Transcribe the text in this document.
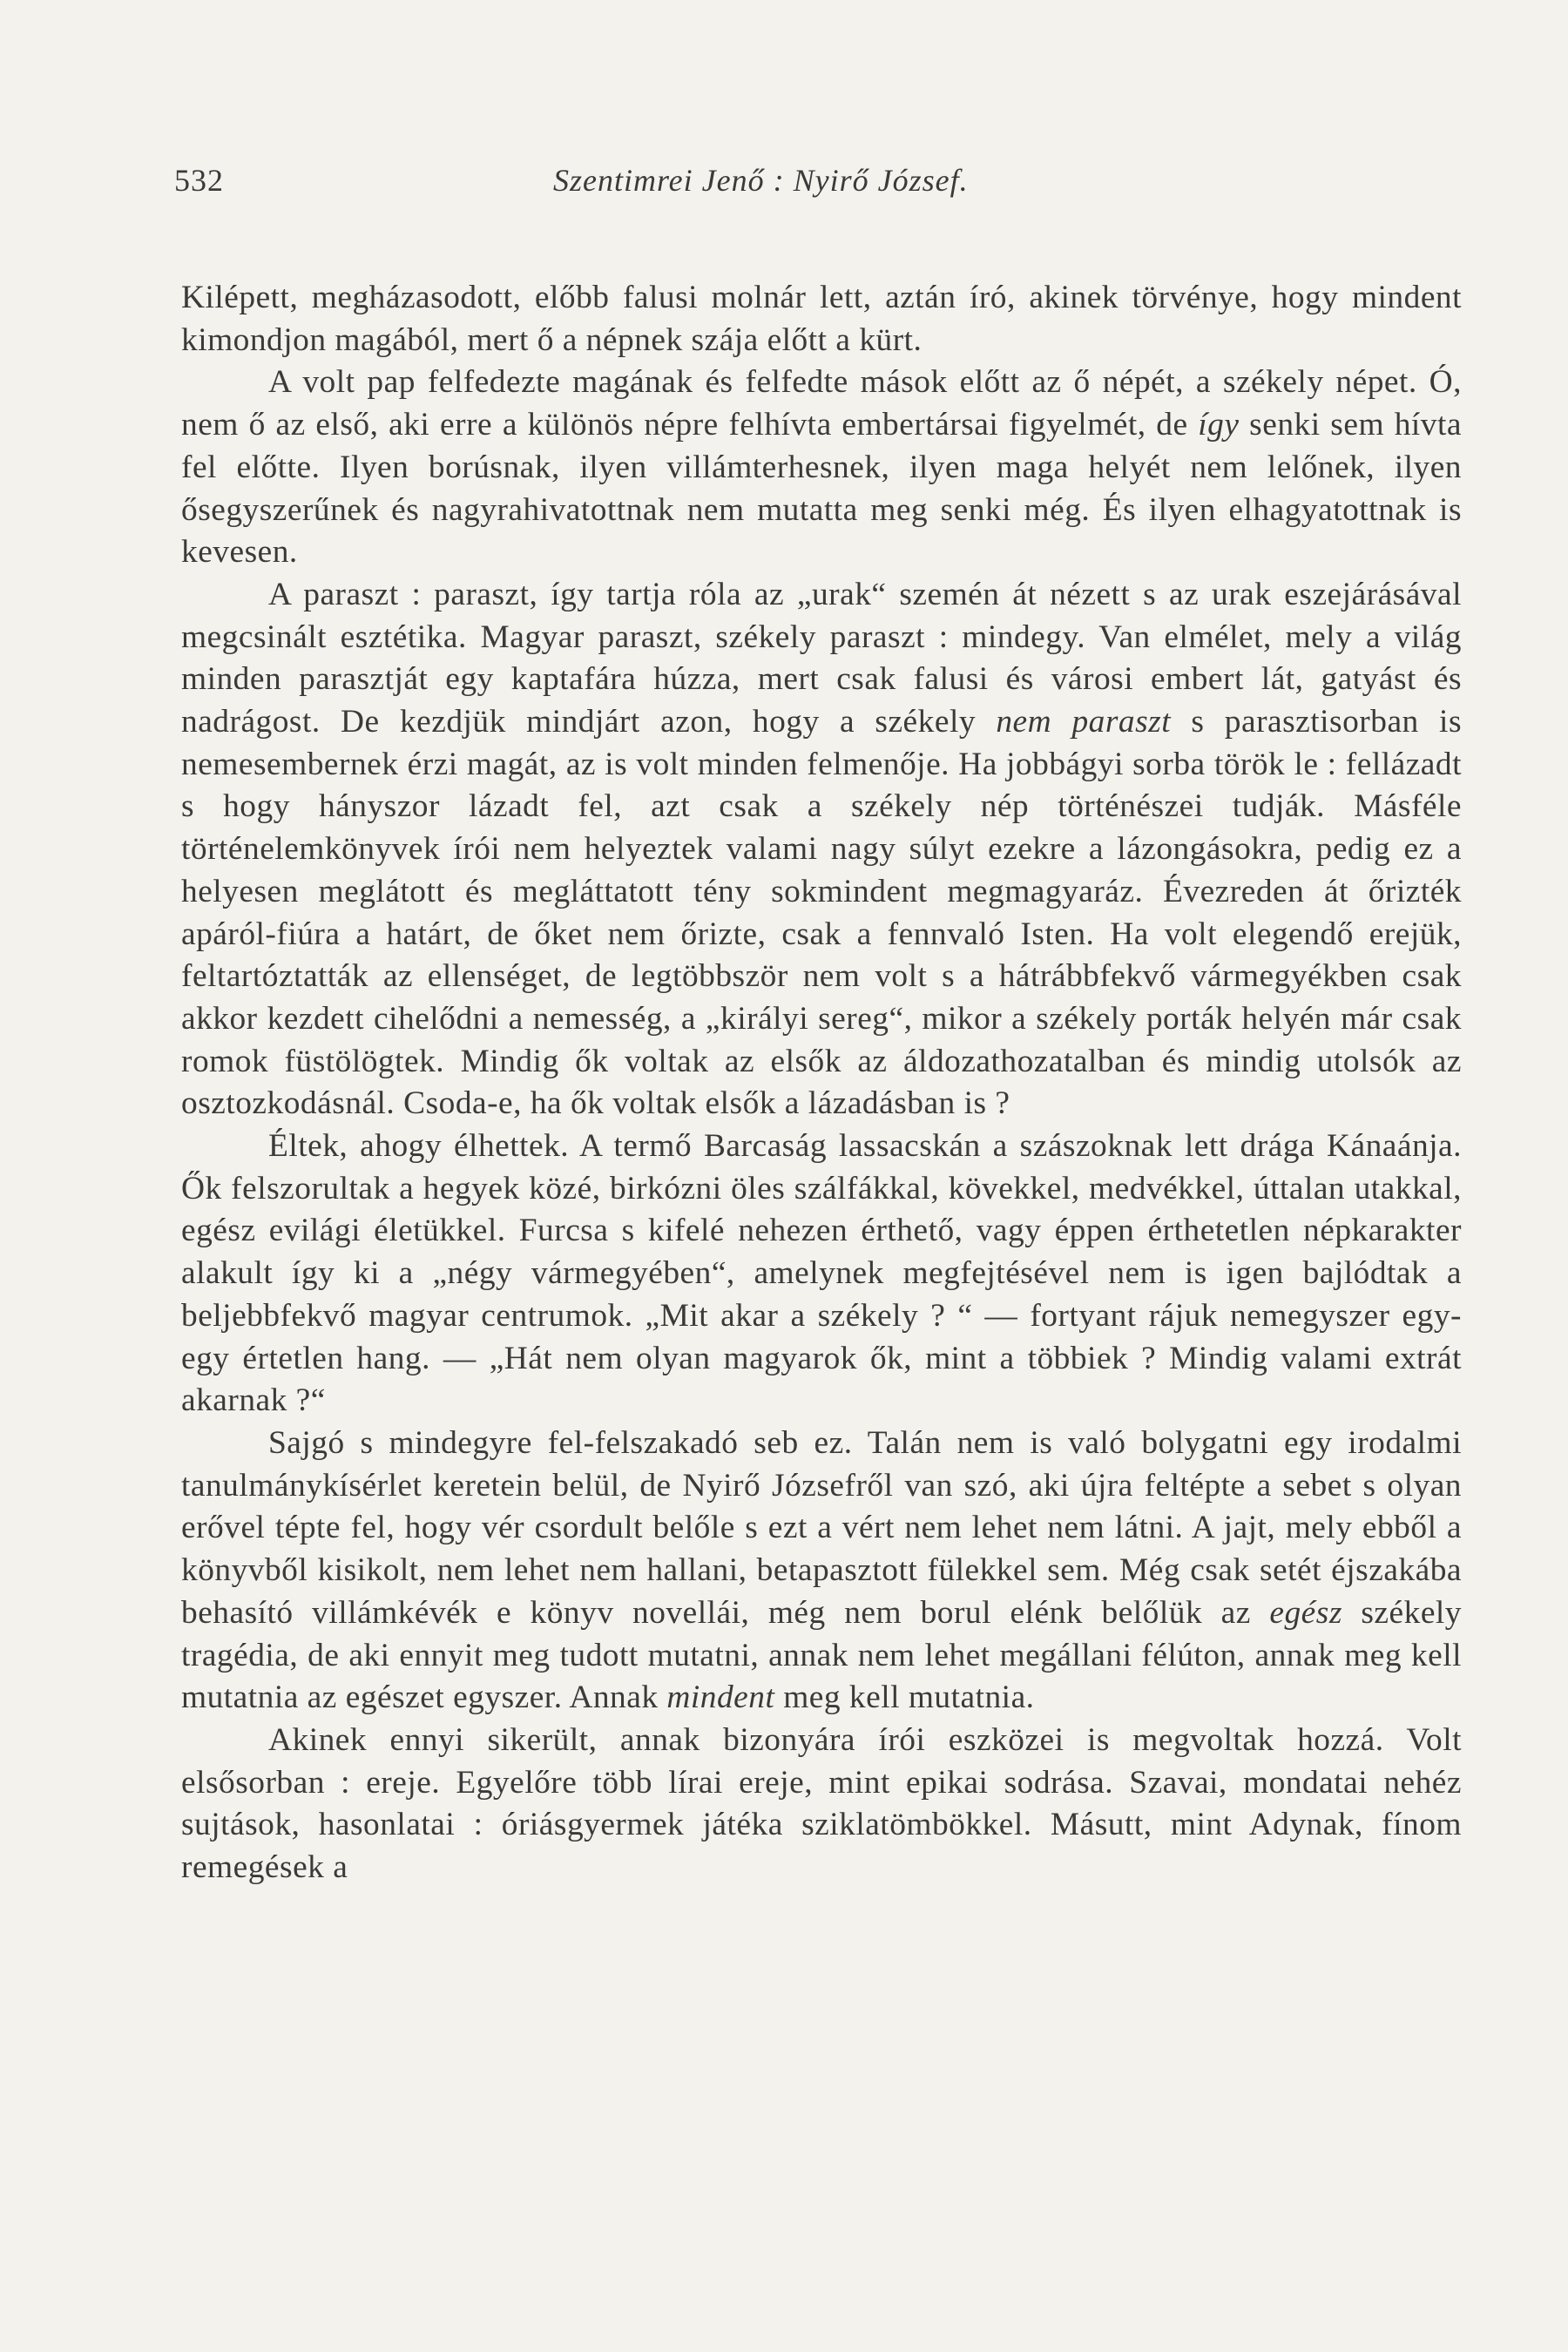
532	Szentimrei Jenő : Nyirő József.

Kilépett, megházasodott, előbb falusi molnár lett, aztán író, akinek törvénye, hogy mindent kimondjon magából, mert ő a népnek szája előtt a kürt.

A volt pap felfedezte magának és felfedte mások előtt az ő népét, a székely népet. Ó, nem ő az első, aki erre a különös népre felhívta embertársai figyelmét, de így senki sem hívta fel előtte. Ilyen borúsnak, ilyen villámterhesnek, ilyen maga helyét nem lelőnek, ilyen ősegyszerűnek és nagyrahivatottnak nem mutatta meg senki még. És ilyen elhagyatottnak is kevesen.

A paraszt : paraszt, így tartja róla az „urak“ szemén át nézett s az urak eszejárásával megcsinált esztétika. Magyar paraszt, székely paraszt : mindegy. Van elmélet, mely a világ minden parasztját egy kaptafára húzza, mert csak falusi és városi embert lát, gatyást és nadrágost. De kezdjük mindjárt azon, hogy a székely nem paraszt s parasztisorban is nemesembernek érzi magát, az is volt minden felmenője. Ha jobbágyi sorba török le : fellázadt s hogy hányszor lázadt fel, azt csak a székely nép történészei tudják. Másféle történelemkönyvek írói nem helyeztek valami nagy súlyt ezekre a lázongásokra, pedig ez a helyesen meglátott és megláttatott tény sokmindent megmagyaráz. Évezreden át őrizték apáról-fiúra a határt, de őket nem őrizte, csak a fennvaló Isten. Ha volt elegendő erejük, feltartóztatták az ellenséget, de legtöbbször nem volt s a hátrábbfekvő vármegyékben csak akkor kezdett cihelődni a nemesség, a „királyi sereg“, mikor a székely porták helyén már csak romok füstölögtek. Mindig ők voltak az elsők az áldozathozatalban és mindig utolsók az osztozkodásnál. Csoda-e, ha ők voltak elsők a lázadásban is ?

Éltek, ahogy élhettek. A termő Barcaság lassacskán a szászoknak lett drága Kánaánja. Ők felszorultak a hegyek közé, birkózni öles szálfákkal, kövekkel, medvékkel, úttalan utakkal, egész evilági életükkel. Furcsa s kifelé nehezen érthető, vagy éppen érthetetlen népkarakter alakult így ki a „négy vármegyében“, amelynek megfejtésével nem is igen bajlódtak a beljebbfekvő magyar centrumok. „Mit akar a székely ? “ — fortyant rájuk nemegyszer egy-egy értetlen hang. — „Hát nem olyan magyarok ők, mint a többiek ? Mindig valami extrát akarnak ?“

Sajgó s mindegyre fel-felszakadó seb ez. Talán nem is való bolygatni egy irodalmi tanulmánykísérlet keretein belül, de Nyirő Józsefről van szó, aki újra feltépte a sebet s olyan erővel tépte fel, hogy vér csordult belőle s ezt a vért nem lehet nem látni. A jajt, mely ebből a könyvből kisikolt, nem lehet nem hallani, betapasztott fülekkel sem. Még csak setét éjszakába behasító villámkévék e könyv novellái, még nem borul elénk belőlük az egész székely tragédia, de aki ennyit meg tudott mutatni, annak nem lehet megállani félúton, annak meg kell mutatnia az egészet egyszer. Annak mindent meg kell mutatnia.

Akinek ennyi sikerült, annak bizonyára írói eszközei is megvoltak hozzá. Volt elsősorban : ereje. Egyelőre több lírai ereje, mint epikai sodrása. Szavai, mondatai nehéz sujtások, hasonlatai : óriásgyermek játéka sziklatömbökkel. Másutt, mint Adynak, fínom remegések a
